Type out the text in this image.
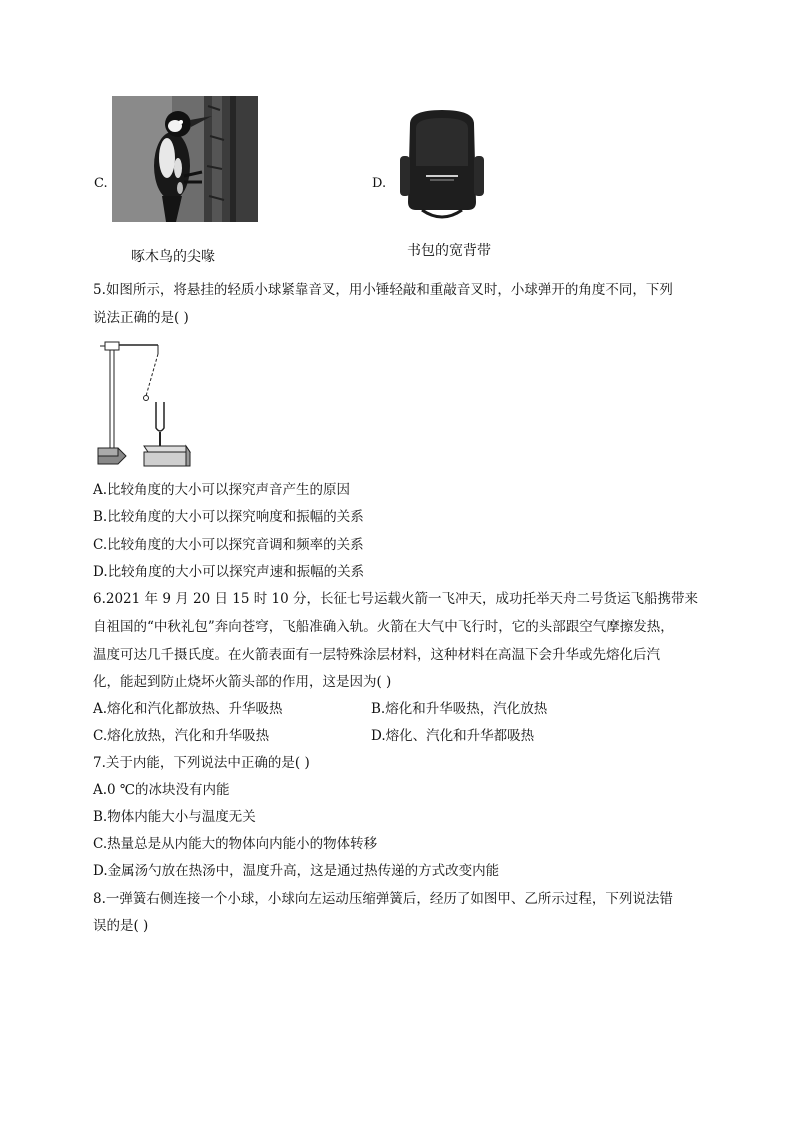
C.
啄木鸟的尖喙
D.
书包的宽背带
5.如图所示，将悬挂的轻质小球紧靠音叉，用小锤轻敲和重敲音叉时，小球弹开的角度不同，下列
说法正确的是( )
A.比较角度的大小可以探究声音产生的原因
B.比较角度的大小可以探究响度和振幅的关系
C.比较角度的大小可以探究音调和频率的关系
D.比较角度的大小可以探究声速和振幅的关系
6.2021 年 9 月 20 日 15 时 10 分，长征七号运载火箭一飞冲天，成功托举天舟二号货运飞船携带来
自祖国的“中秋礼包”奔向苍穹，飞船准确入轨。火箭在大气中飞行时，它的头部跟空气摩擦发热，
温度可达几千摄氏度。在火箭表面有一层特殊涂层材料，这种材料在高温下会升华或先熔化后汽
化，能起到防止烧坏火箭头部的作用，这是因为( )
A.熔化和汽化都放热、升华吸热	B.熔化和升华吸热，汽化放热
C.熔化放热，汽化和升华吸热	D.熔化、汽化和升华都吸热
7.关于内能，下列说法中正确的是( )
A.0 ℃的冰块没有内能
B.物体内能大小与温度无关
C.热量总是从内能大的物体向内能小的物体转移
D.金属汤勺放在热汤中，温度升高，这是通过热传递的方式改变内能
8.一弹簧右侧连接一个小球，小球向左运动压缩弹簧后，经历了如图甲、乙所示过程，下列说法错
误的是( )
